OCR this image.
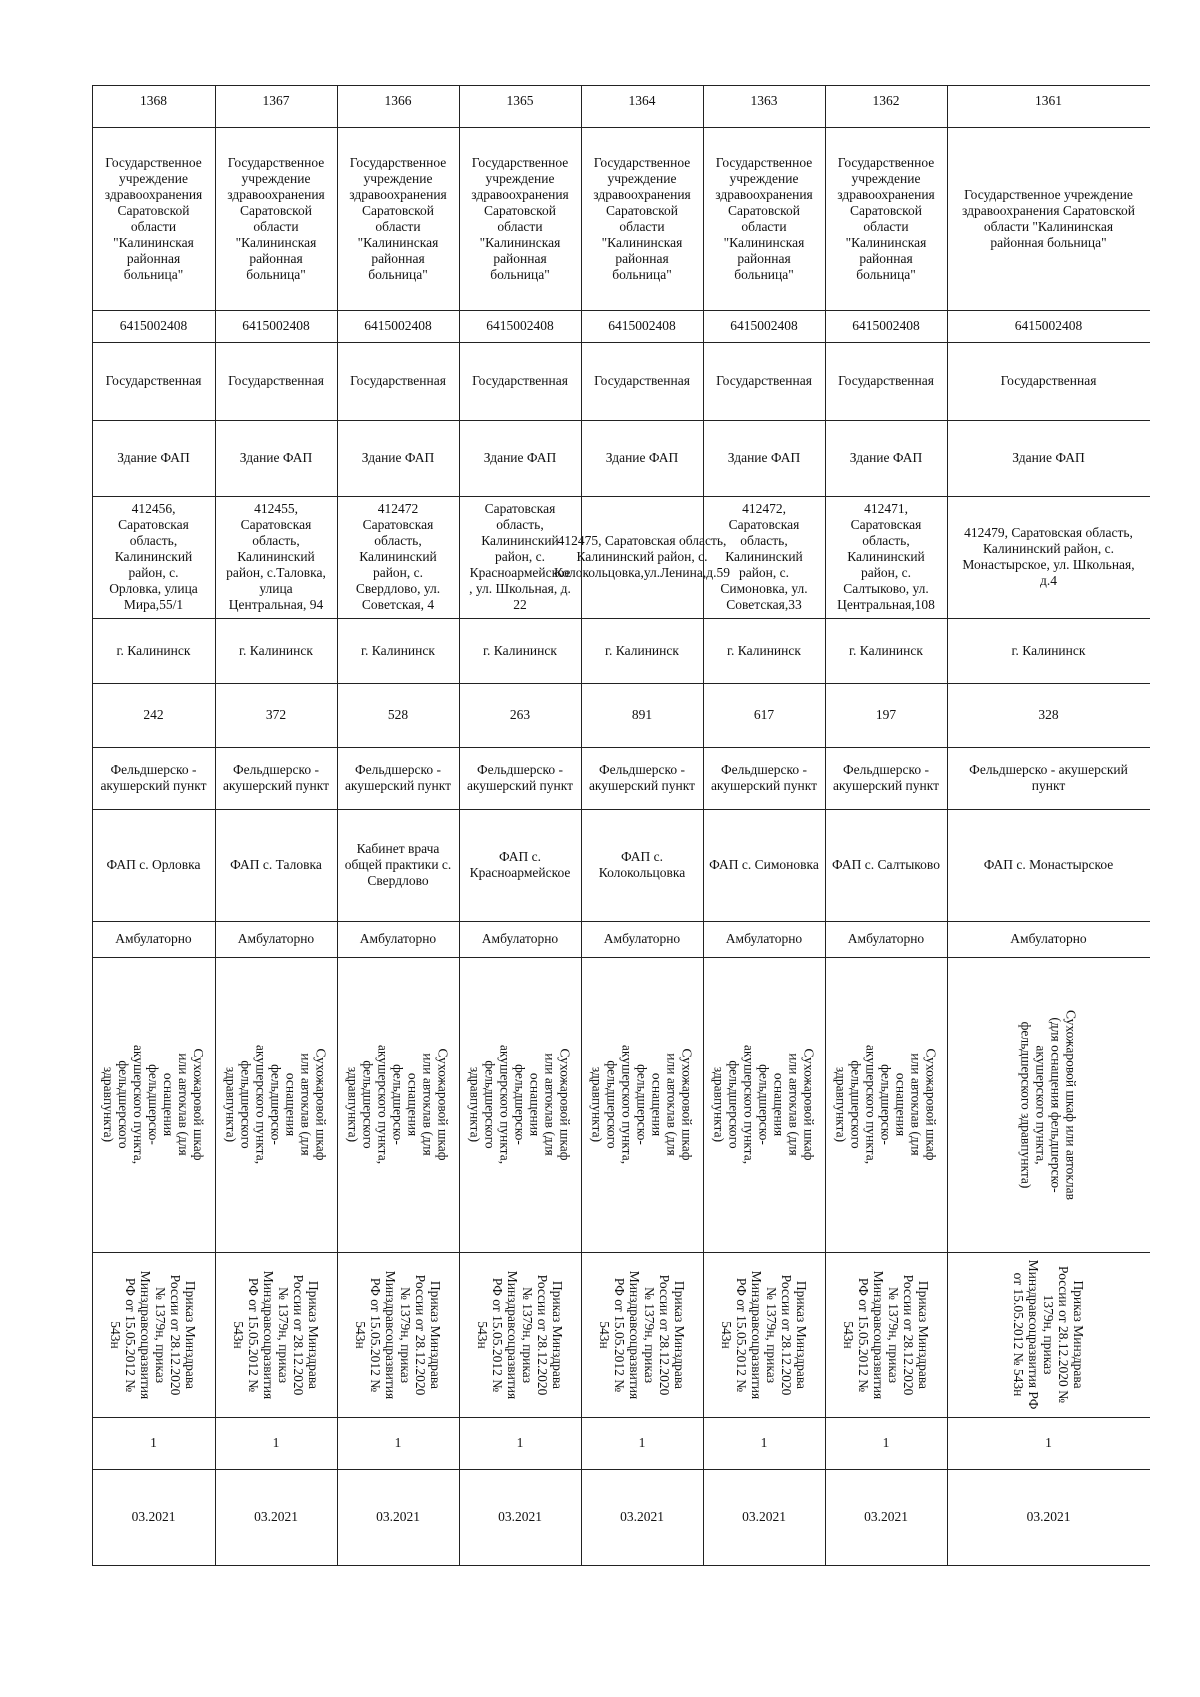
1368
Государственное учреждение здравоохранения Саратовской области "Калининская районная больница"
6415002408
Государственная
Здание ФАП
412456, Саратовская область, Калининский район, с. Орловка, улица Мира,55/1
г. Калининск
242
Фельдшерско - акушерский пункт
ФАП с. Орловка
Амбулаторно
Сухожаровой шкаф или автоклав (для оснащения фельдшерско-акушерского пункта, фельдшерского здравпункта)
Приказ Минздрава России от 28.12.2020 № 1379н, приказ Минздравсоцразвития РФ от 15.05.2012 № 543н
1
03.2021
1367
Государственное учреждение здравоохранения Саратовской области "Калининская районная больница"
6415002408
Государственная
Здание ФАП
412455, Саратовская область, Калининский район, с.Таловка, улица Центральная, 94
г. Калининск
372
Фельдшерско - акушерский пункт
ФАП с. Таловка
Амбулаторно
Сухожаровой шкаф или автоклав (для оснащения фельдшерско-акушерского пункта, фельдшерского здравпункта)
Приказ Минздрава России от 28.12.2020 № 1379н, приказ Минздравсоцразвития РФ от 15.05.2012 № 543н
1
03.2021
1366
Государственное учреждение здравоохранения Саратовской области "Калининская районная больница"
6415002408
Государственная
Здание ФАП
412472 Саратовская область, Калининский район, с. Свердлово, ул. Советская, 4
г. Калининск
528
Фельдшерско - акушерский пункт
Кабинет врача общей практики с. Свердлово
Амбулаторно
Сухожаровой шкаф или автоклав (для оснащения фельдшерско-акушерского пункта, фельдшерского здравпункта)
Приказ Минздрава России от 28.12.2020 № 1379н, приказ Минздравсоцразвития РФ от 15.05.2012 № 543н
1
03.2021
1365
Государственное учреждение здравоохранения Саратовской области "Калининская районная больница"
6415002408
Государственная
Здание ФАП
Саратовская область, Калининский район, с. Красноармейское , ул. Школьная, д. 22
г. Калининск
263
Фельдшерско - акушерский пункт
ФАП с. Красноармейское
Амбулаторно
Сухожаровой шкаф или автоклав (для оснащения фельдшерско-акушерского пункта, фельдшерского здравпункта)
Приказ Минздрава России от 28.12.2020 № 1379н, приказ Минздравсоцразвития РФ от 15.05.2012 № 543н
1
03.2021
1364
Государственное учреждение здравоохранения Саратовской области "Калининская районная больница"
6415002408
Государственная
Здание ФАП
412475, Саратовская область, Калининский район, с. Колокольцовка,ул.Ленина,д.59
г. Калининск
891
Фельдшерско - акушерский пункт
ФАП с. Колокольцовка
Амбулаторно
Сухожаровой шкаф или автоклав (для оснащения фельдшерско-акушерского пункта, фельдшерского здравпункта)
Приказ Минздрава России от 28.12.2020 № 1379н, приказ Минздравсоцразвития РФ от 15.05.2012 № 543н
1
03.2021
1363
Государственное учреждение здравоохранения Саратовской области "Калининская районная больница"
6415002408
Государственная
Здание ФАП
412472, Саратовская область, Калининский район, с. Симоновка, ул. Советская,33
г. Калининск
617
Фельдшерско - акушерский пункт
ФАП с. Симоновка
Амбулаторно
Сухожаровой шкаф или автоклав (для оснащения фельдшерско-акушерского пункта, фельдшерского здравпункта)
Приказ Минздрава России от 28.12.2020 № 1379н, приказ Минздравсоцразвития РФ от 15.05.2012 № 543н
1
03.2021
1362
Государственное учреждение здравоохранения Саратовской области "Калининская районная больница"
6415002408
Государственная
Здание ФАП
412471, Саратовская область, Калининский район, с. Салтыково, ул. Центральная,108
г. Калининск
197
Фельдшерско - акушерский пункт
ФАП с. Салтыково
Амбулаторно
Сухожаровой шкаф или автоклав (для оснащения фельдшерско-акушерского пункта, фельдшерского здравпункта)
Приказ Минздрава России от 28.12.2020 № 1379н, приказ Минздравсоцразвития РФ от 15.05.2012 № 543н
1
03.2021
1361
Государственное учреждение здравоохранения Саратовской области "Калининская районная больница"
6415002408
Государственная
Здание ФАП
412479, Саратовская область, Калининский район, с. Монастырское, ул. Школьная, д.4
г. Калининск
328
Фельдшерско - акушерский пункт
ФАП с. Монастырское
Амбулаторно
Сухожаровой шкаф или автоклав (для оснащения фельдшерско-акушерского пункта, фельдшерского здравпункта)
Приказ Минздрава России от 28.12.2020 № 1379н, приказ Минздравсоцразвития РФ от 15.05.2012 № 543н
1
03.2021
